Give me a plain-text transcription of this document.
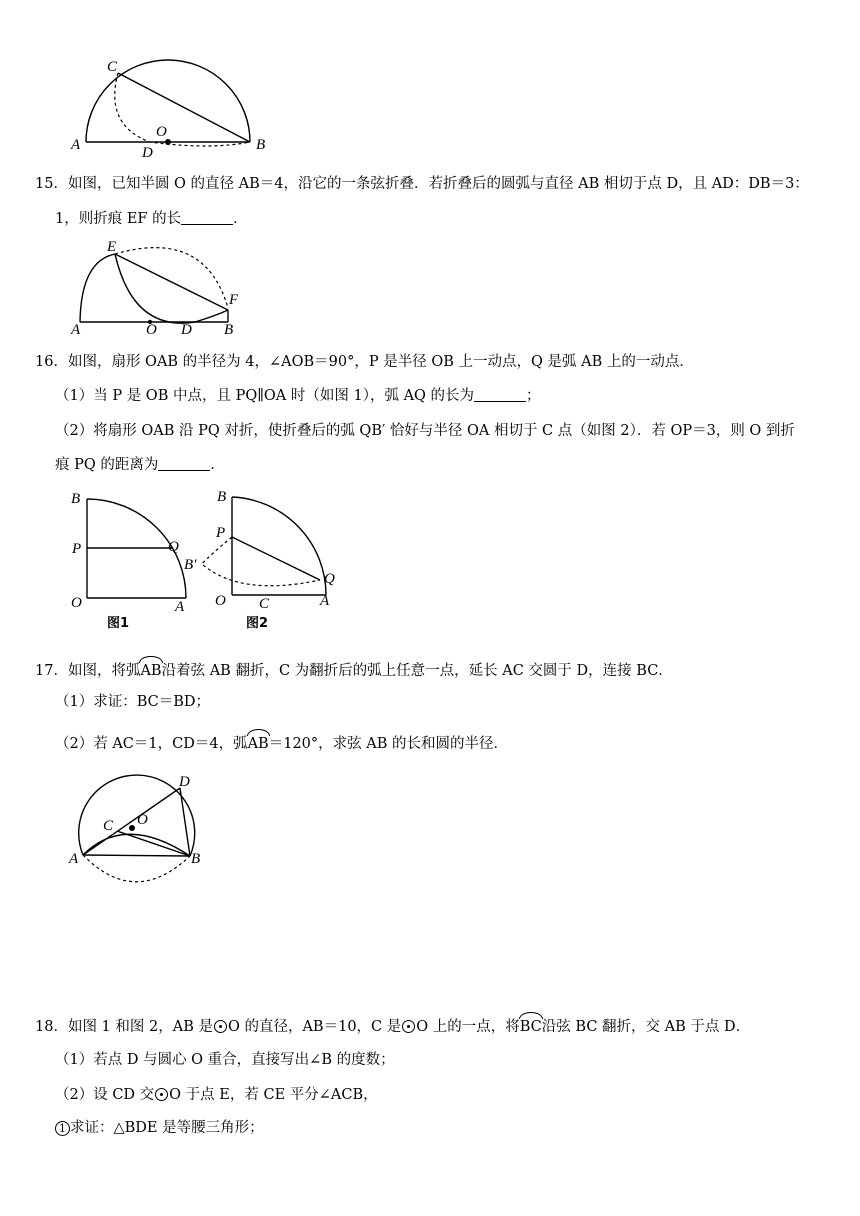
C
O
A	D	B
15．如图，已知半圆 O 的直径 AB＝4，沿它的一条弦折叠．若折叠后的圆弧与直径 AB 相切于点 D，且 AD：DB＝3：
1，则折痕 EF 的长	．
E
F
A	O D B
16．如图，扇形 OAB 的半径为 4，∠AOB＝90°，P 是半径 OB 上一动点，Q 是弧 AB 上的一动点．
（1）当 P 是 OB 中点，且 PQ∥OA 时（如图 1），弧 AQ 的长为	；
（2）将扇形 OAB 沿 PQ 对折，使折叠后的弧 QB′ 恰好与半径 OA 相切于 C 点（如图 2）．若 OP＝3，则 O 到折
痕 PQ 的距离为	．
B
P	Q
O	A
图1
B
P
B′
Q
O C	A
图2
17．如图，将弧AB沿着弦 AB 翻折，C 为翻折后的弧上任意一点，延长 AC 交圆于 D，连接 BC．
（1）求证：BC＝BD；
（2）若 AC＝1，CD＝4，弧AB＝120°，求弦 AB 的长和圆的半径．
D
C O
A	B
18．如图 1 和图 2，AB 是 O 的直径，AB＝10，C 是 O 上的一点，将BC沿弦 BC 翻折，交 AB 于点 D．
（1）若点 D 与圆心 O 重合，直接写出∠B 的度数；
（2）设 CD 交 O 于点 E，若 CE 平分∠ACB，
1 求证：△BDE 是等腰三角形；
